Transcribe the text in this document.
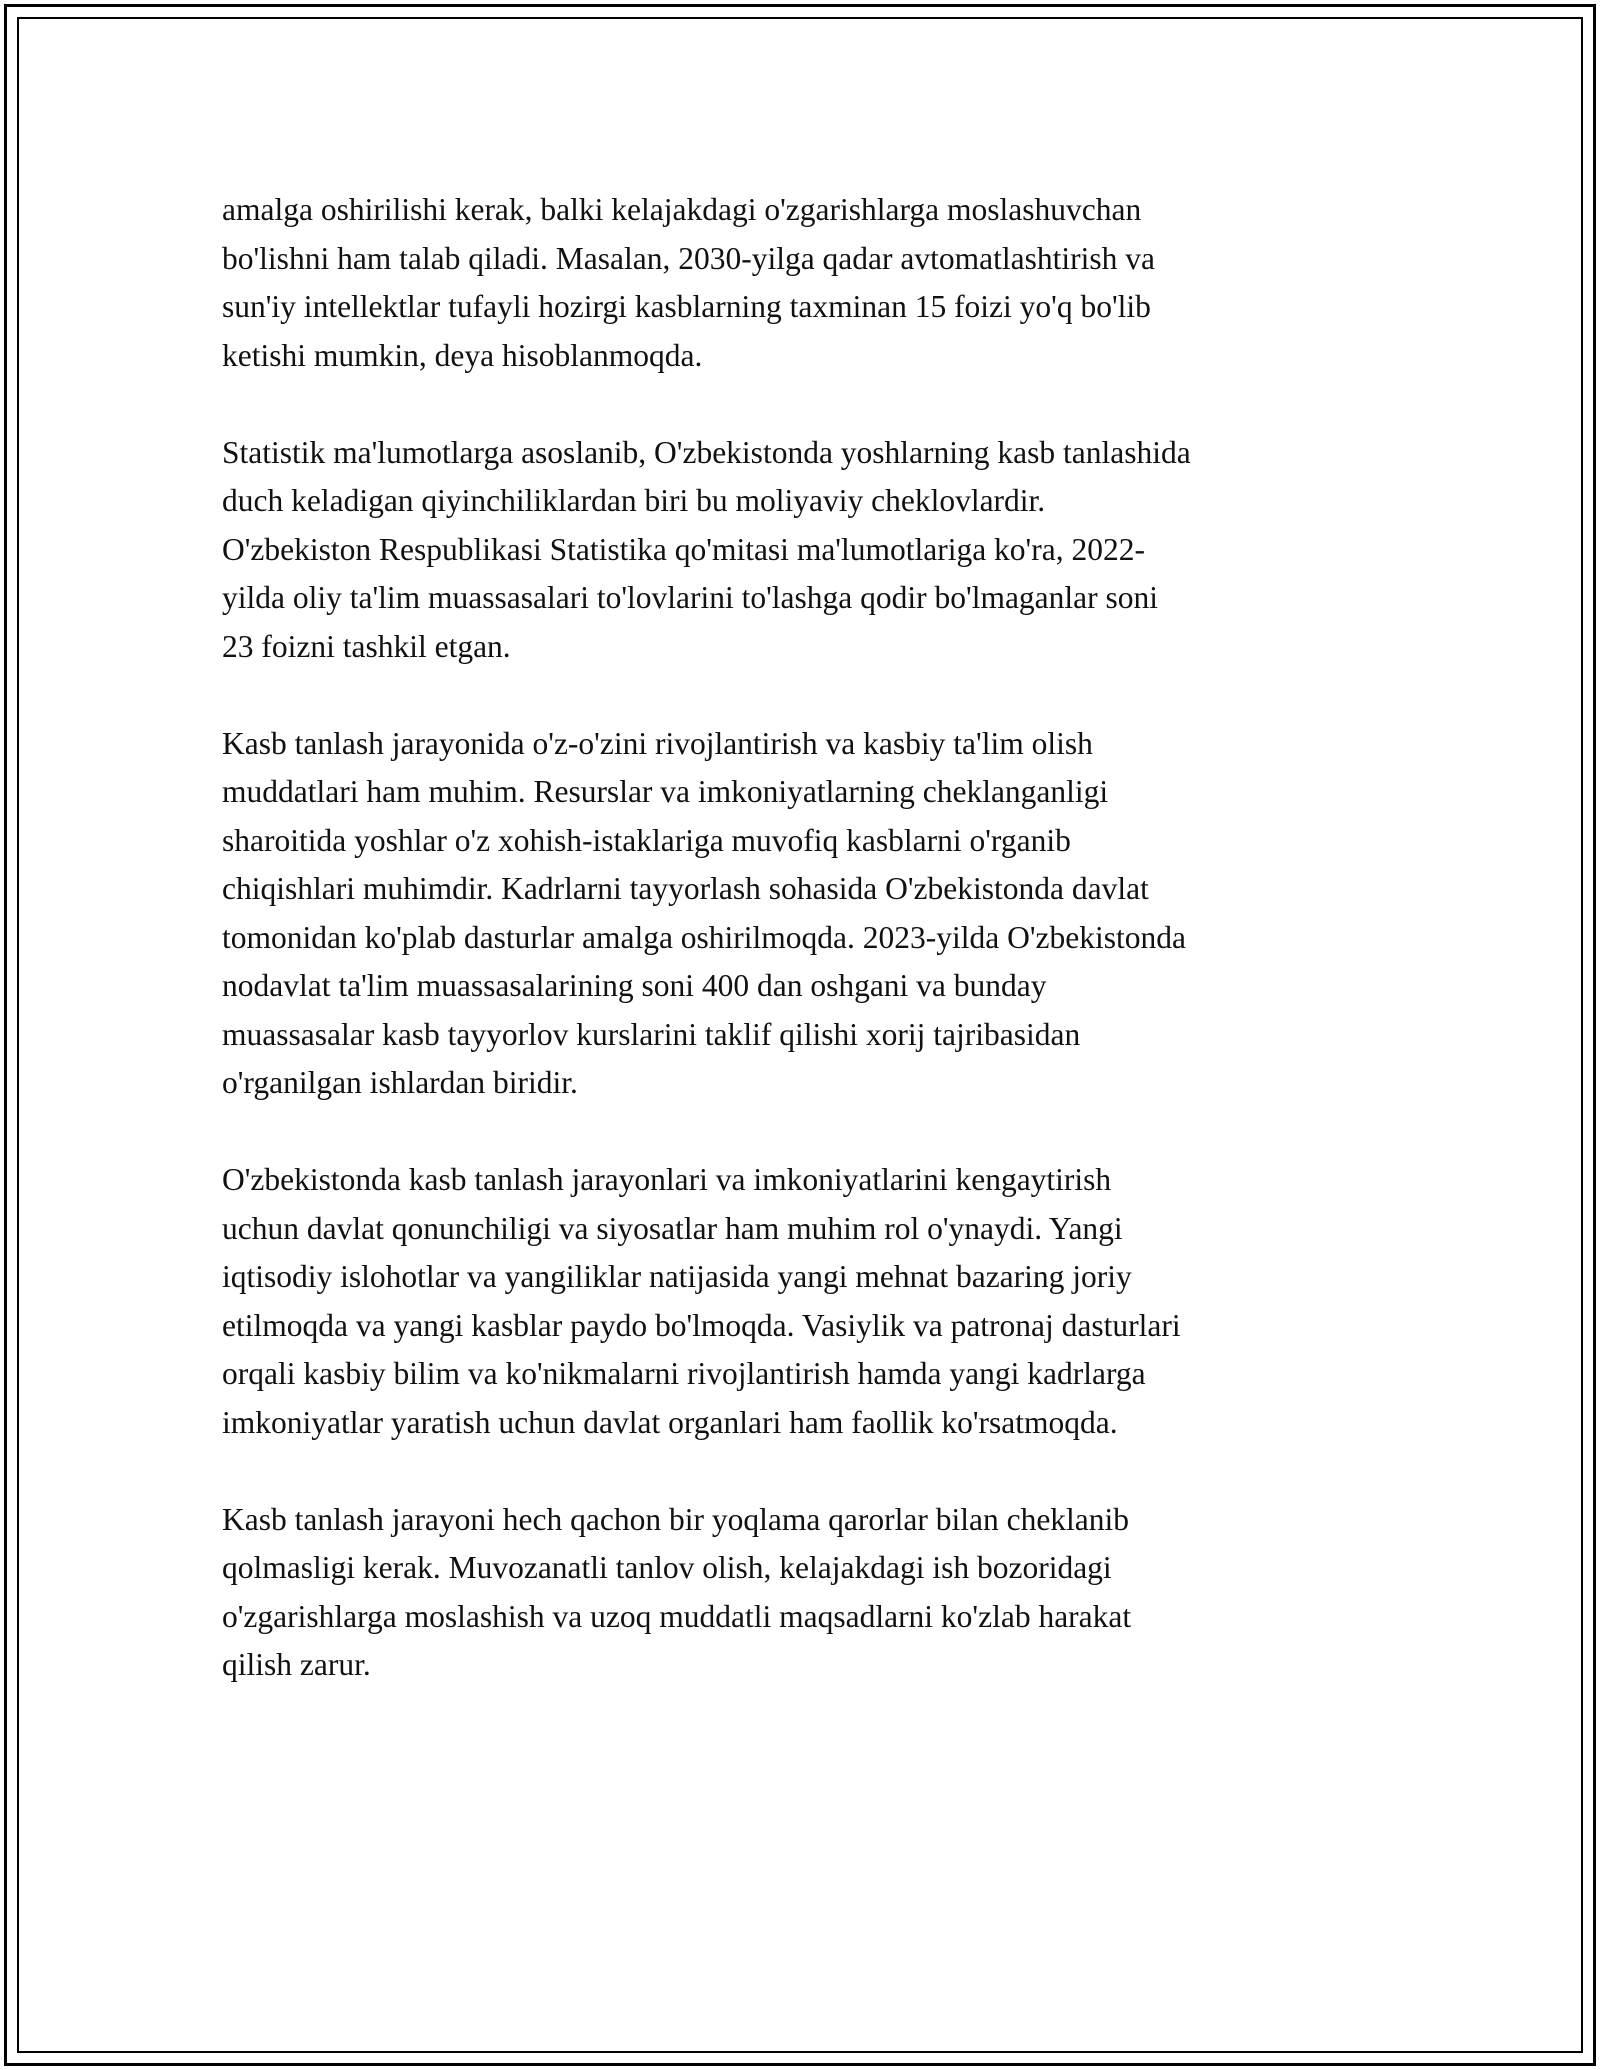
amalga oshirilishi kerak, balki kelajakdagi o'zgarishlarga moslashuvchan
bo'lishni ham talab qiladi. Masalan, 2030-yilga qadar avtomatlashtirish va
sun'iy intellektlar tufayli hozirgi kasblarning taxminan 15 foizi yo'q bo'lib
ketishi mumkin, deya hisoblanmoqda.

Statistik ma'lumotlarga asoslanib, O'zbekistonda yoshlarning kasb tanlashida
duch keladigan qiyinchiliklardan biri bu moliyaviy cheklovlardir.
O'zbekiston Respublikasi Statistika qo'mitasi ma'lumotlariga ko'ra, 2022-
yilda oliy ta'lim muassasalari to'lovlarini to'lashga qodir bo'lmaganlar soni
23 foizni tashkil etgan.

Kasb tanlash jarayonida o'z-o'zini rivojlantirish va kasbiy ta'lim olish
muddatlari ham muhim. Resurslar va imkoniyatlarning cheklanganligi
sharoitida yoshlar o'z xohish-istaklariga muvofiq kasblarni o'rganib
chiqishlari muhimdir. Kadrlarni tayyorlash sohasida O'zbekistonda davlat
tomonidan ko'plab dasturlar amalga oshirilmoqda. 2023-yilda O'zbekistonda
nodavlat ta'lim muassasalarining soni 400 dan oshgani va bunday
muassasalar kasb tayyorlov kurslarini taklif qilishi xorij tajribasidan
o'rganilgan ishlardan biridir.

O'zbekistonda kasb tanlash jarayonlari va imkoniyatlarini kengaytirish
uchun davlat qonunchiligi va siyosatlar ham muhim rol o'ynaydi. Yangi
iqtisodiy islohotlar va yangiliklar natijasida yangi mehnat bazaring joriy
etilmoqda va yangi kasblar paydo bo'lmoqda. Vasiylik va patronaj dasturlari
orqali kasbiy bilim va ko'nikmalarni rivojlantirish hamda yangi kadrlarga
imkoniyatlar yaratish uchun davlat organlari ham faollik ko'rsatmoqda.

Kasb tanlash jarayoni hech qachon bir yoqlama qarorlar bilan cheklanib
qolmasligi kerak. Muvozanatli tanlov olish, kelajakdagi ish bozoridagi
o'zgarishlarga moslashish va uzoq muddatli maqsadlarni ko'zlab harakat
qilish zarur.
